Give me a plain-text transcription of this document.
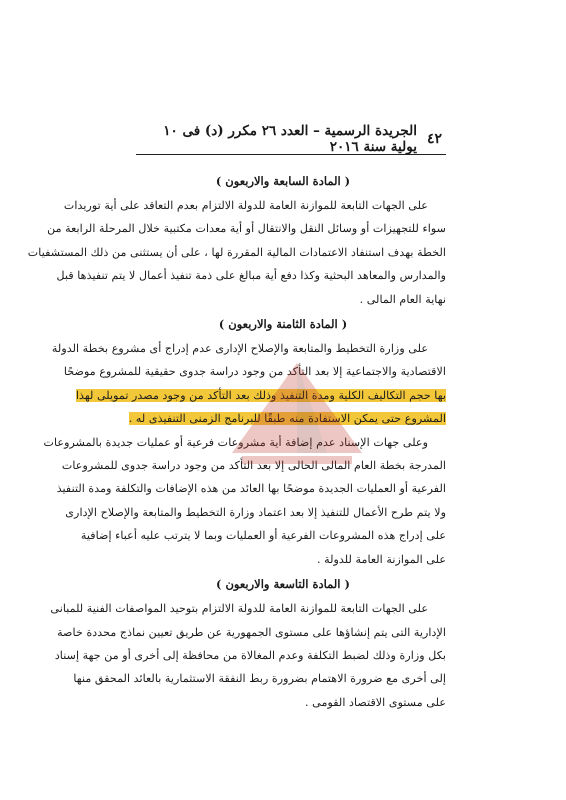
٤٢
الجريدة الرسمية – العدد ٢٦ مكرر (د) فى ١٠ يولية سنة ٢٠١٦

( المادة السابعة والاربعون )

على الجهات التابعة للموازنة العامة للدولة الالتزام بعدم التعاقد على أية توريدات
سواء للتجهيزات أو وسائل النقل والانتقال أو أية معدات مكتبية خلال المرحلة الرابعة من
الخطة بهدف استنفاد الاعتمادات المالية المقررة لها ، على أن يستثنى من ذلك المستشفيات
والمدارس والمعاهد البحثية وكذا دفع أية مبالغ على ذمة تنفيذ أعمال لا يتم تنفيذها قبل
نهاية العام المالى .

( المادة الثامنة والاربعون )

على وزارة التخطيط والمتابعة والإصلاح الإدارى عدم إدراج أى مشروع بخطة الدولة
الاقتصادية والاجتماعية إلا بعد التأكد من وجود دراسة جدوى حقيقية للمشروع موضحًا
بها حجم التكاليف الكلية ومدة التنفيذ وذلك بعد التأكد من وجود مصدر تمويلى لهذا
المشروع حتى يمكن الاستفادة منه طبقًا للبرنامج الزمنى التنفيذى له .
وعلى جهات الإسناد عدم إضافة أية مشروعات فرعية أو عمليات جديدة بالمشروعات
المدرجة بخطة العام المالى الحالى إلا بعد التأكد من وجود دراسة جدوى للمشروعات
الفرعية أو العمليات الجديدة موضحًا بها العائد من هذه الإضافات والتكلفة ومدة التنفيذ
ولا يتم طرح الأعمال للتنفيذ إلا بعد اعتماد وزارة التخطيط والمتابعة والإصلاح الإدارى
على إدراج هذه المشروعات الفرعية أو العمليات وبما لا يترتب عليه أعباء إضافية
على الموازنة العامة للدولة .

( المادة التاسعة والاربعون )

على الجهات التابعة للموازنة العامة للدولة الالتزام بتوحيد المواصفات الفنية للمبانى
الإدارية التى يتم إنشاؤها على مستوى الجمهورية عن طريق تعيين نماذج محددة خاصة
بكل وزارة وذلك لضبط التكلفة وعدم المغالاة من محافظة إلى أخرى أو من جهة إسناد
إلى أخرى مع ضرورة الاهتمام بضرورة ربط النفقة الاستثمارية بالعائد المحقق منها
على مستوى الاقتصاد القومى .
